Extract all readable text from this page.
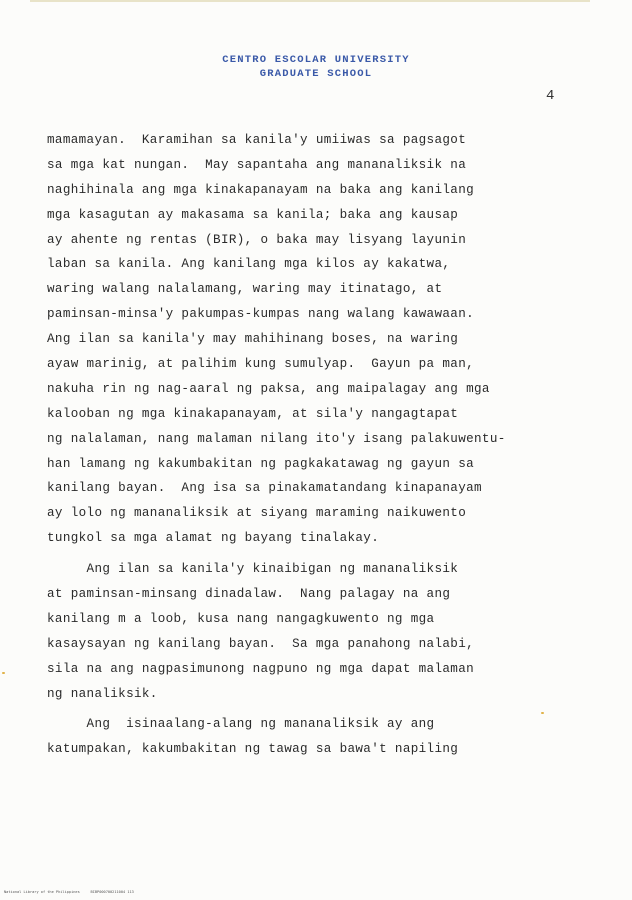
CENTRO ESCOLAR UNIVERSITY
GRADUATE SCHOOL
4
mamamayan.  Karamihan sa kanila'y umiiwas sa pagsagot
sa mga kat nungan.  May sapantaha ang mananaliksik na
naghihinala ang mga kinakapanayam na baka ang kanilang
mga kasagutan ay makasama sa kanila; baka ang kausap
ay ahente ng rentas (BIR), o baka may lisyang layunin
laban sa kanila. Ang kanilang mga kilos ay kakatwa,
waring walang nalalamang, waring may itinatago, at
paminsan-minsa'y pakumpas-kumpas nang walang kawawaan.
Ang ilan sa kanila'y may mahihinang boses, na waring
ayaw marinig, at palihim kung sumulyap.  Gayun pa man,
nakuha rin ng nag-aaral ng paksa, ang maipalagay ang mga
kalooban ng mga kinakapanayam, at sila'y nangagtapat
ng nalalaman, nang malaman nilang ito'y isang palakuwentu-
han lamang ng kakumbakitan ng pagkakatawag ng gayun sa
kanilang bayan.  Ang isa sa pinakamatandang kinapanayam
ay lolo ng mananaliksik at siyang maraming naikuwento
tungkol sa mga alamat ng bayang tinalakay.
Ang ilan sa kanila'y kinaibigan ng mananaliksik
at paminsan-minsang dinadalaw.  Nang palagay na ang
kanilang m a loob, kusa nang nangagkuwento ng mga
kasaysayan ng kanilang bayan.  Sa mga panahong nalabi,
sila na ang nagpasimunong nagpuno ng mga dapat malaman
ng nanaliksik.
Ang  isinaalang-alang ng mananaliksik ay ang
katumpakan, kakumbakitan ng tawag sa bawa't napiling
National Library of the Philippines     BIBP000700211004 113
